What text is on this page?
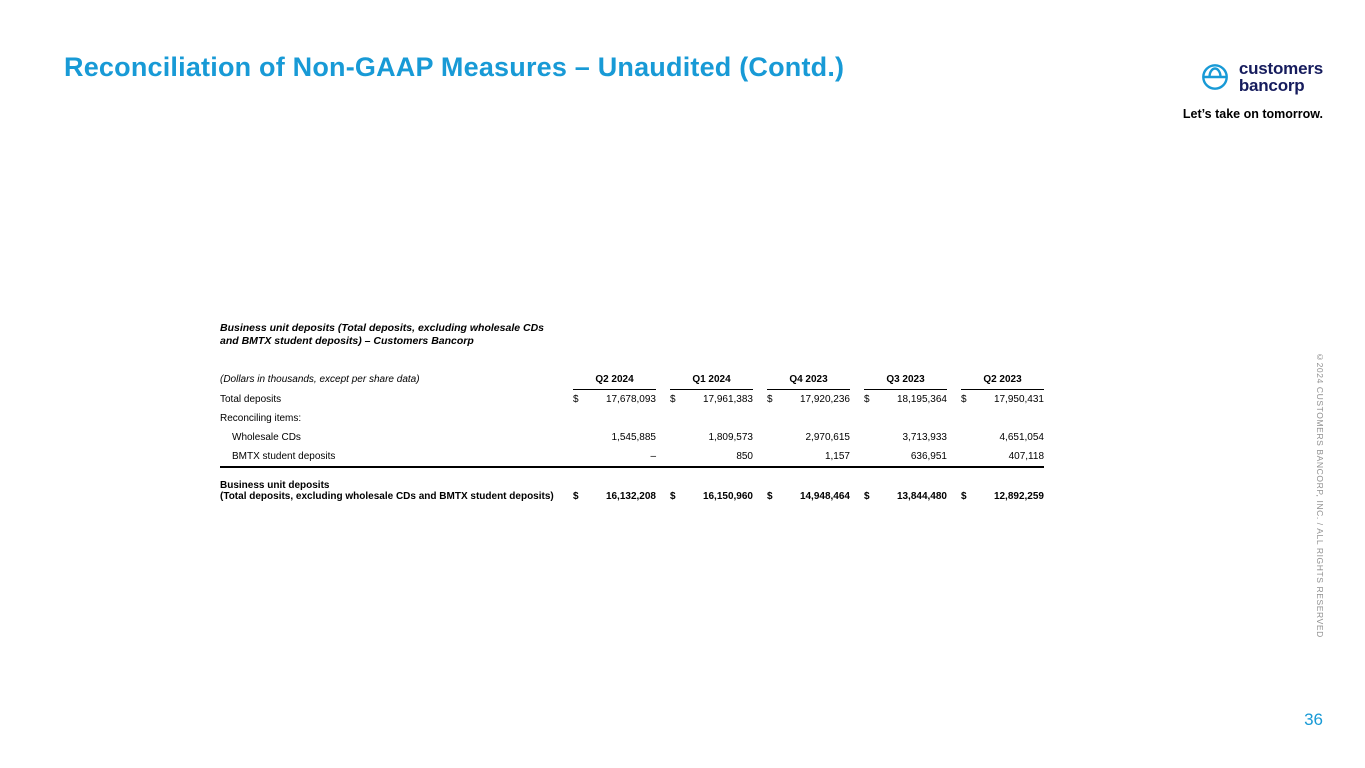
Reconciliation of Non-GAAP Measures – Unaudited (Contd.)	customers
bancorp
Let’s take on tomorrow.
Business unit deposits (Total deposits, excluding wholesale CDs and BMTX student deposits) – Customers Bancorp
(Dollars in thousands, except per share data)	Q2 2024	Q1 2024	Q4 2023	Q3 2023	Q2 2023

Total deposits	$ 17,678,093	$ 17,961,383	$ 17,920,236	$ 18,195,364	$ 17,950,431

Reconciling items:					
Wholesale CDs	1,545,885	1,809,573	2,970,615	3,713,933	4,651,054

BMTX student deposits	–	850	1,157	636,951	407,118

Business unit deposits
(Total deposits, excluding wholesale CDs and BMTX student deposits)	$ 16,132,208	$ 16,150,960	$ 14,948,464	$ 13,844,480	$ 12,892,259	©2024 CUSTOMERS BANCORP, INC. / ALL RIGHTS RESERVED
36
